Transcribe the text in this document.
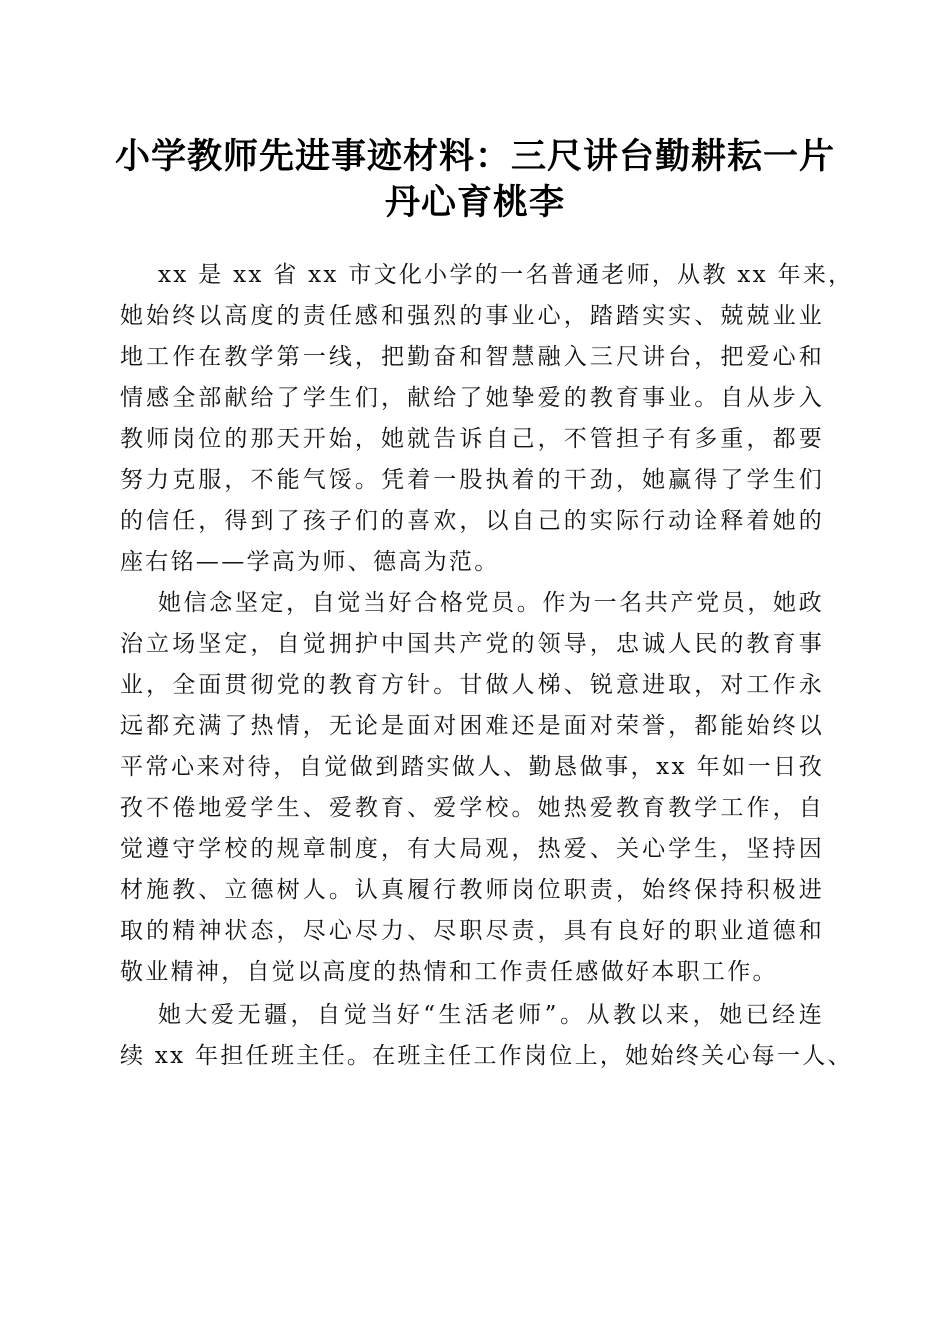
小学教师先进事迹材料：三尺讲台勤耕耘一片
丹心育桃李

xx 是 xx 省 xx 市文化小学的一名普通老师，从教 xx 年来，
她始终以高度的责任感和强烈的事业心，踏踏实实、兢兢业业
地工作在教学第一线，把勤奋和智慧融入三尺讲台，把爱心和
情感全部献给了学生们，献给了她挚爱的教育事业。自从步入
教师岗位的那天开始，她就告诉自己，不管担子有多重，都要
努力克服，不能气馁。凭着一股执着的干劲，她赢得了学生们
的信任，得到了孩子们的喜欢，以自己的实际行动诠释着她的
座右铭——学高为师、德高为范。

她信念坚定，自觉当好合格党员。作为一名共产党员，她政
治立场坚定，自觉拥护中国共产党的领导，忠诚人民的教育事
业，全面贯彻党的教育方针。甘做人梯、锐意进取，对工作永
远都充满了热情，无论是面对困难还是面对荣誉，都能始终以
平常心来对待，自觉做到踏实做人、勤恳做事，xx 年如一日孜
孜不倦地爱学生、爱教育、爱学校。她热爱教育教学工作，自
觉遵守学校的规章制度，有大局观，热爱、关心学生，坚持因
材施教、立德树人。认真履行教师岗位职责，始终保持积极进
取的精神状态，尽心尽力、尽职尽责，具有良好的职业道德和
敬业精神，自觉以高度的热情和工作责任感做好本职工作。

她大爱无疆，自觉当好“生活老师”。从教以来，她已经连
续 xx 年担任班主任。在班主任工作岗位上，她始终关心每一人、
